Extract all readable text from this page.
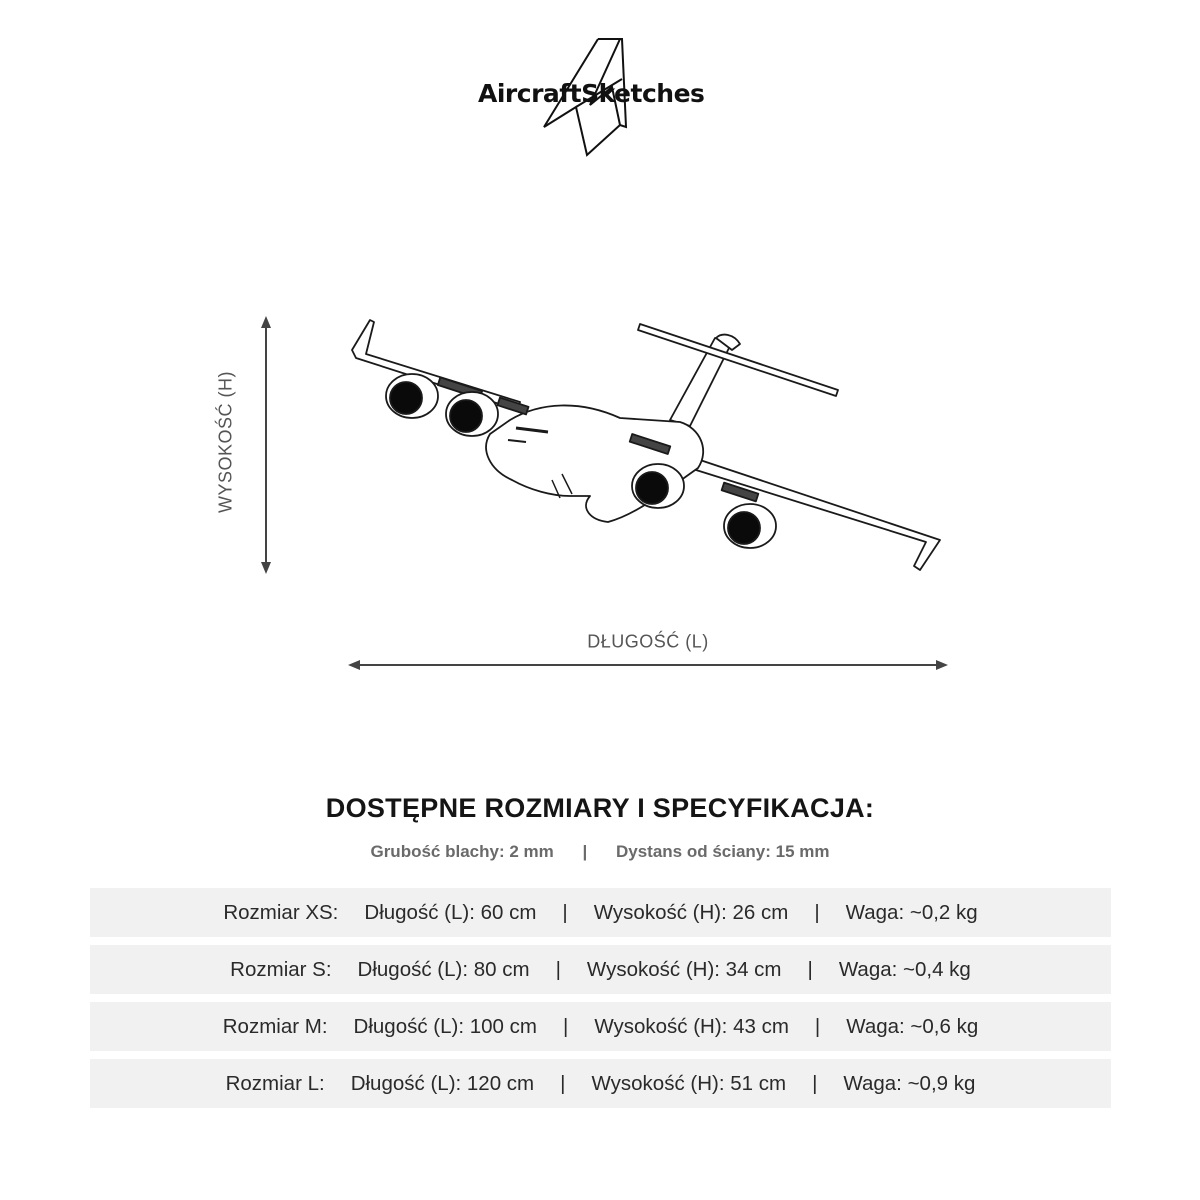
AircraftSketches
WYSOKOŚĆ (H)
DŁUGOŚĆ (L)
DOSTĘPNE ROZMIARY I SPECYFIKACJA:
Grubość blachy: 2 mm | Dystans od ściany: 15 mm
Rozmiar XS: Długość (L): 60 cm | Wysokość (H): 26 cm | Waga: ~0,2 kg
Rozmiar S: Długość (L): 80 cm | Wysokość (H): 34 cm | Waga: ~0,4 kg
Rozmiar M: Długość (L): 100 cm | Wysokość (H): 43 cm | Waga: ~0,6 kg
Rozmiar L: Długość (L): 120 cm | Wysokość (H): 51 cm | Waga: ~0,9 kg
